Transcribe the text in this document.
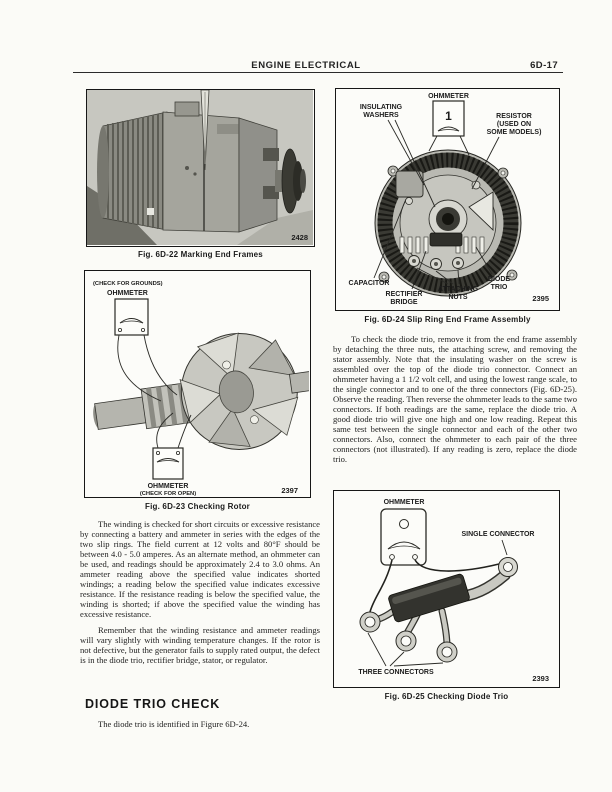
ENGINE ELECTRICAL	6D-17
2428
Fig. 6D-22 Marking End Frames
1
INSULATING
WASHERS
OHMMETER
RESISTOR
(USED ON
SOME MODELS)
CAPACITOR
RECTIFIER
BRIDGE
ATTACHING
NUTS
DIODE
TRIO
2395
Fig. 6D-24 Slip Ring End Frame Assembly

To check the diode trio, remove it from the end frame assembly by detaching the three nuts, the attaching screw, and removing the stator assembly. Note that the insulating washer on the screw is assembled over the top of the diode trio connector. Connect an ohmmeter having a 1 1/2 volt cell, and using the lowest range scale, to the single connector and to one of the three connectors (Fig. 6D-25). Observe the reading. Then reverse the ohmmeter leads to the same two connectors. If both readings are the same, replace the diode trio. A good diode trio will give one high and one low reading. Repeat this same test between the single connector and each of the other two connectors. Also, connect the ohmmeter to each pair of the three connectors (not illustrated). If any reading is zero, replace the diode trio.

(CHECK FOR GROUNDS)
OHMMETER
OHMMETER
(CHECK FOR OPEN)	2397
Fig. 6D-23 Checking Rotor

The winding is checked for short circuits or excessive resistance by connecting a battery and ammeter in series with the edges of the two slip rings. The field current at 12 volts and 80°F should be between 4.0 - 5.0 amperes. As an alternate method, an ohmmeter can be used, and readings should be approximately 2.4 to 3.0 ohms. An ammeter reading above the specified value indicates shorted windings; a reading below the specified value indicates excessive resistance. If the resistance reading is below the specified value, the winding is shorted; if above the specified value the winding has excessive resistance.

Remember that the winding resistance and ammeter readings will vary slightly with winding temperature changes. If the rotor is not defective, but the generator fails to supply rated output, the defect is in the diode trio, rectifier bridge, stator, or regulator.

DIODE TRIO CHECK

The diode trio is identified in Figure 6D-24.

OHMMETER
SINGLE CONNECTOR
THREE CONNECTORS
2393
Fig. 6D-25 Checking Diode Trio
